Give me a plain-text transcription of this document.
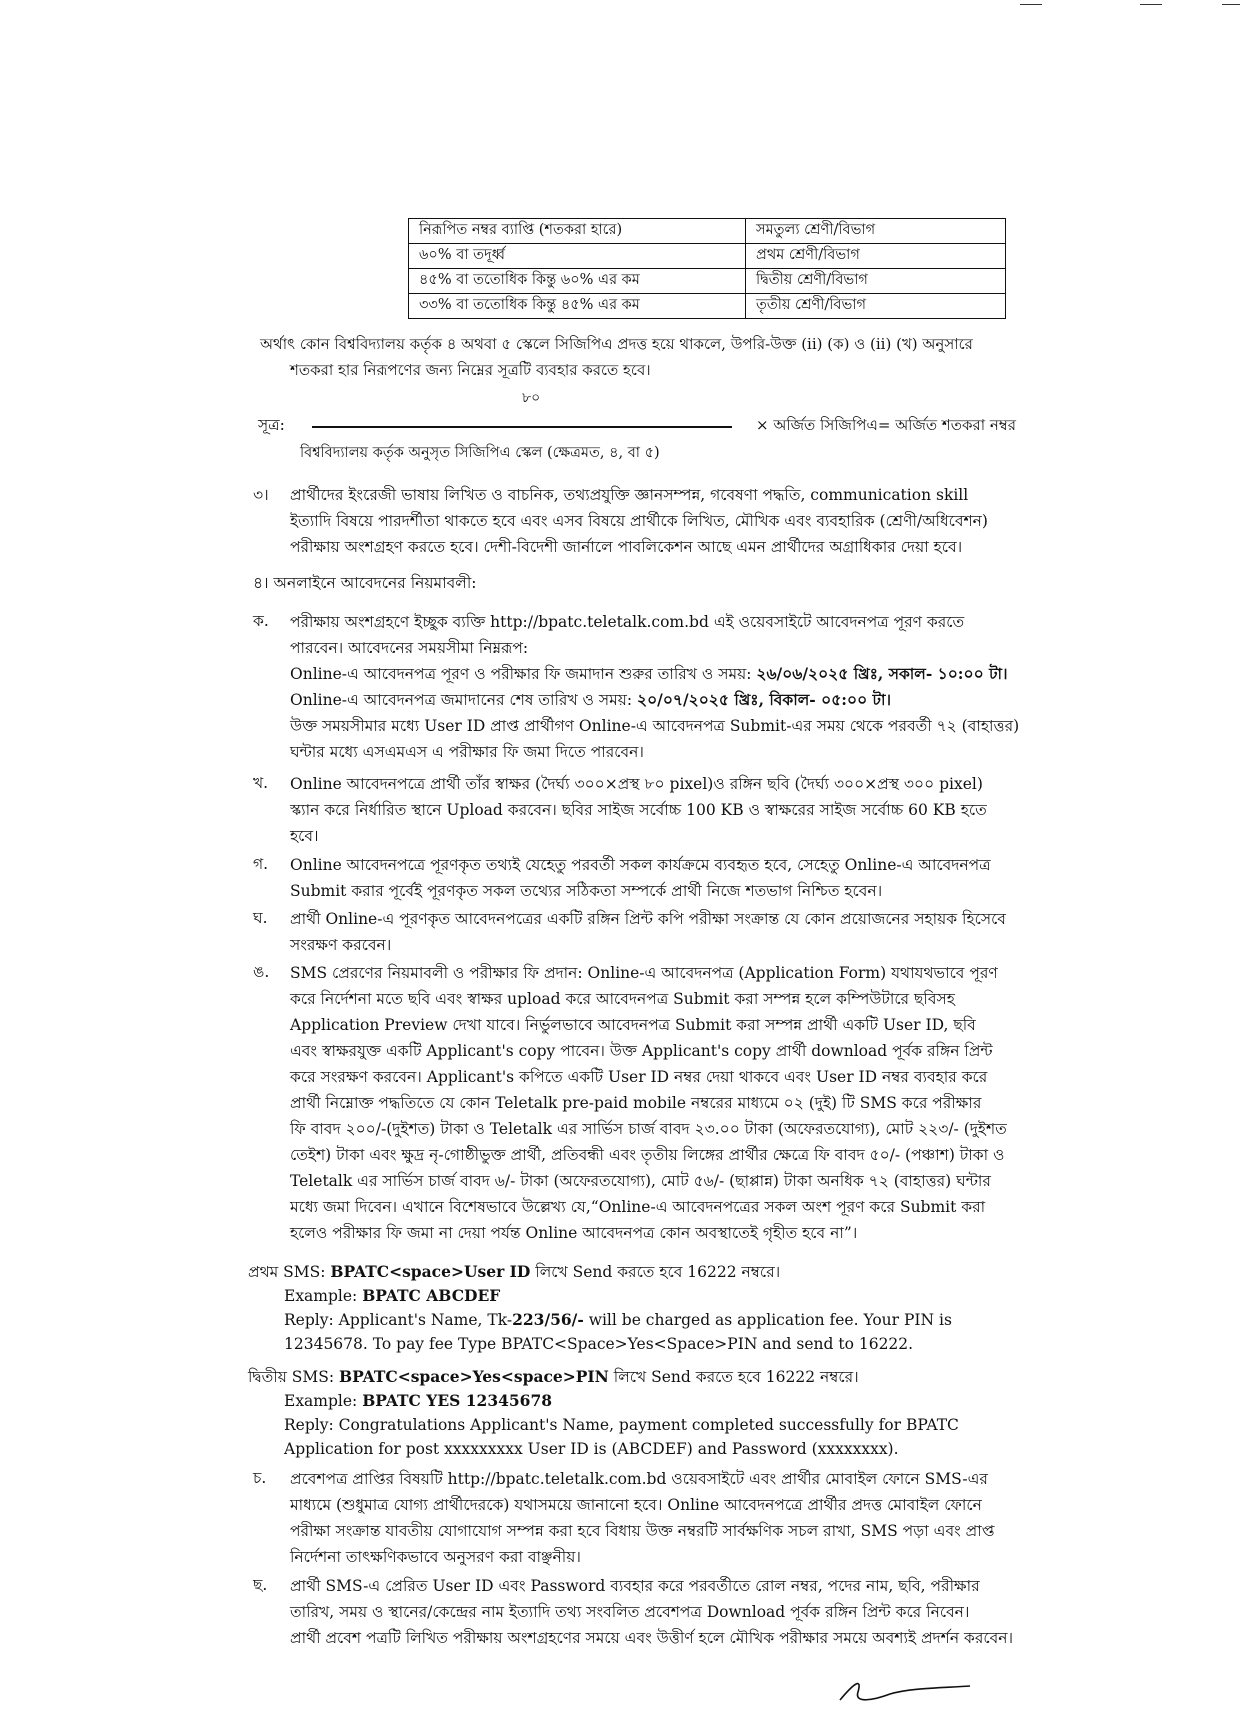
নিরূপিত নম্বর ব্যাপ্তি (শতকরা হারে)	সমতুল্য শ্রেণী/বিভাগ
৬০% বা তদূর্ধ্ব	প্রথম শ্রেণী/বিভাগ
৪৫% বা ততোধিক কিন্তু ৬০% এর কম	দ্বিতীয় শ্রেণী/বিভাগ
৩৩% বা ততোধিক কিন্তু ৪৫% এর কম	তৃতীয় শ্রেণী/বিভাগ
অর্থাৎ কোন বিশ্ববিদ্যালয় কর্তৃক ৪ অথবা ৫ স্কেলে সিজিপিএ প্রদত্ত হয়ে থাকলে, উপরি-উক্ত (ii) (ক) ও (ii) (খ) অনুসারে
শতকরা হার নিরূপণের জন্য নিম্নের সূত্রটি ব্যবহার করতে হবে।
৮০
সূত্র:	× অর্জিত সিজিপিএ= অর্জিত শতকরা নম্বর
বিশ্ববিদ্যালয় কর্তৃক অনুসৃত সিজিপিএ স্কেল (ক্ষেত্রমত, ৪, বা ৫)
৩। প্রার্থীদের ইংরেজী ভাষায় লিখিত ও বাচনিক, তথ্যপ্রযুক্তি জ্ঞানসম্পন্ন, গবেষণা পদ্ধতি, communication skill
ইত্যাদি বিষয়ে পারদর্শীতা থাকতে হবে এবং এসব বিষয়ে প্রার্থীকে লিখিত, মৌখিক এবং ব্যবহারিক (শ্রেণী/অধিবেশন)
পরীক্ষায় অংশগ্রহণ করতে হবে। দেশী-বিদেশী জার্নালে পাবলিকেশন আছে এমন প্রার্থীদের অগ্রাধিকার দেয়া হবে।
৪। অনলাইনে আবেদনের নিয়মাবলী:
ক. পরীক্ষায় অংশগ্রহণে ইচ্ছুক ব্যক্তি http://bpatc.teletalk.com.bd এই ওয়েবসাইটে আবেদনপত্র পূরণ করতে

পারবেন। আবেদনের সময়সীমা নিম্নরূপ:

Online-এ আবেদনপত্র পূরণ ও পরীক্ষার ফি জমাদান শুরুর তারিখ ও সময়: ২৬/০৬/২০২৫ খ্রিঃ, সকাল- ১০:০০ টা।

Online-এ আবেদনপত্র জমাদানের শেষ তারিখ ও সময়: ২০/০৭/২০২৫ খ্রিঃ, বিকাল- ০৫:০০ টা।

উক্ত সময়সীমার মধ্যে User ID প্রাপ্ত প্রার্থীগণ Online-এ আবেদনপত্র Submit-এর সময় থেকে পরবর্তী ৭২ (বাহাত্তর)

ঘন্টার মধ্যে এসএমএস এ পরীক্ষার ফি জমা দিতে পারবেন।

খ. Online আবেদনপত্রে প্রার্থী তাঁর স্বাক্ষর (দৈর্ঘ্য ৩০০×প্রস্থ ৮০ pixel)ও রঙ্গিন ছবি (দৈর্ঘ্য ৩০০×প্রস্থ ৩০০ pixel)

স্ক্যান করে নির্ধারিত স্থানে Upload করবেন। ছবির সাইজ সর্বোচ্চ 100 KB ও স্বাক্ষরের সাইজ সর্বোচ্চ 60 KB হতে

হবে।

গ. Online আবেদনপত্রে পূরণকৃত তথ্যই যেহেতু পরবর্তী সকল কার্যক্রমে ব্যবহৃত হবে, সেহেতু Online-এ আবেদনপত্র

Submit করার পূর্বেই পূরণকৃত সকল তথ্যের সঠিকতা সম্পর্কে প্রার্থী নিজে শতভাগ নিশ্চিত হবেন।

ঘ. প্রার্থী Online-এ পূরণকৃত আবেদনপত্রের একটি রঙ্গিন প্রিন্ট কপি পরীক্ষা সংক্রান্ত যে কোন প্রয়োজনের সহায়ক হিসেবে

সংরক্ষণ করবেন।

ঙ. SMS প্রেরণের নিয়মাবলী ও পরীক্ষার ফি প্রদান: Online-এ আবেদনপত্র (Application Form) যথাযথভাবে পূরণ

করে নির্দেশনা মতে ছবি এবং স্বাক্ষর upload করে আবেদনপত্র Submit করা সম্পন্ন হলে কম্পিউটারে ছবিসহ

Application Preview দেখা যাবে। নির্ভুলভাবে আবেদনপত্র Submit করা সম্পন্ন প্রার্থী একটি User ID, ছবি

এবং স্বাক্ষরযুক্ত একটি Applicant's copy পাবেন। উক্ত Applicant's copy প্রার্থী download পূর্বক রঙ্গিন প্রিন্ট

করে সংরক্ষণ করবেন। Applicant's কপিতে একটি User ID নম্বর দেয়া থাকবে এবং User ID নম্বর ব্যবহার করে

প্রার্থী নিম্নোক্ত পদ্ধতিতে যে কোন Teletalk pre-paid mobile নম্বরের মাধ্যমে ০২ (দুই) টি SMS করে পরীক্ষার

ফি বাবদ ২০০/-(দুইশত) টাকা ও Teletalk এর সার্ভিস চার্জ বাবদ ২৩.০০ টাকা (অফেরতযোগ্য), মোট ২২৩/- (দুইশত

তেইশ) টাকা এবং ক্ষুদ্র নৃ-গোষ্ঠীভুক্ত প্রার্থী, প্রতিবন্ধী এবং তৃতীয় লিঙ্গের প্রার্থীর ক্ষেত্রে ফি বাবদ ৫০/- (পঞ্চাশ) টাকা ও

Teletalk এর সার্ভিস চার্জ বাবদ ৬/- টাকা (অফেরতযোগ্য), মোট ৫৬/- (ছাপ্পান্ন) টাকা অনধিক ৭২ (বাহাত্তর) ঘন্টার

মধ্যে জমা দিবেন। এখানে বিশেষভাবে উল্লেখ্য যে,“Online-এ আবেদনপত্রের সকল অংশ পূরণ করে Submit করা

হলেও পরীক্ষার ফি জমা না দেয়া পর্যন্ত Online আবেদনপত্র কোন অবস্থাতেই গৃহীত হবে না”।

প্রথম SMS: BPATC<space>User ID লিখে Send করতে হবে 16222 নম্বরে।

Example: BPATC ABCDEF

Reply: Applicant's Name, Tk-223/56/- will be charged as application fee. Your PIN is

12345678. To pay fee Type BPATC<Space>Yes<Space>PIN and send to 16222.

দ্বিতীয় SMS: BPATC<space>Yes<space>PIN লিখে Send করতে হবে 16222 নম্বরে।

Example: BPATC YES 12345678

Reply: Congratulations Applicant's Name, payment completed successfully for BPATC

Application for post xxxxxxxxx User ID is (ABCDEF) and Password (xxxxxxxx).

চ. প্রবেশপত্র প্রাপ্তির বিষয়টি http://bpatc.teletalk.com.bd ওয়েবসাইটে এবং প্রার্থীর মোবাইল ফোনে SMS-এর

মাধ্যমে (শুধুমাত্র যোগ্য প্রার্থীদেরকে) যথাসময়ে জানানো হবে। Online আবেদনপত্রে প্রার্থীর প্রদত্ত মোবাইল ফোনে

পরীক্ষা সংক্রান্ত যাবতীয় যোগাযোগ সম্পন্ন করা হবে বিধায় উক্ত নম্বরটি সার্বক্ষণিক সচল রাখা, SMS পড়া এবং প্রাপ্ত

নির্দেশনা তাৎক্ষণিকভাবে অনুসরণ করা বাঞ্ছনীয়।

ছ. প্রার্থী SMS-এ প্রেরিত User ID এবং Password ব্যবহার করে পরবর্তীতে রোল নম্বর, পদের নাম, ছবি, পরীক্ষার

তারিখ, সময় ও স্থানের/কেন্দ্রের নাম ইত্যাদি তথ্য সংবলিত প্রবেশপত্র Download পূর্বক রঙ্গিন প্রিন্ট করে নিবেন।

প্রার্থী প্রবেশ পত্রটি লিখিত পরীক্ষায় অংশগ্রহণের সময়ে এবং উত্তীর্ণ হলে মৌখিক পরীক্ষার সময়ে অবশ্যই প্রদর্শন করবেন।
